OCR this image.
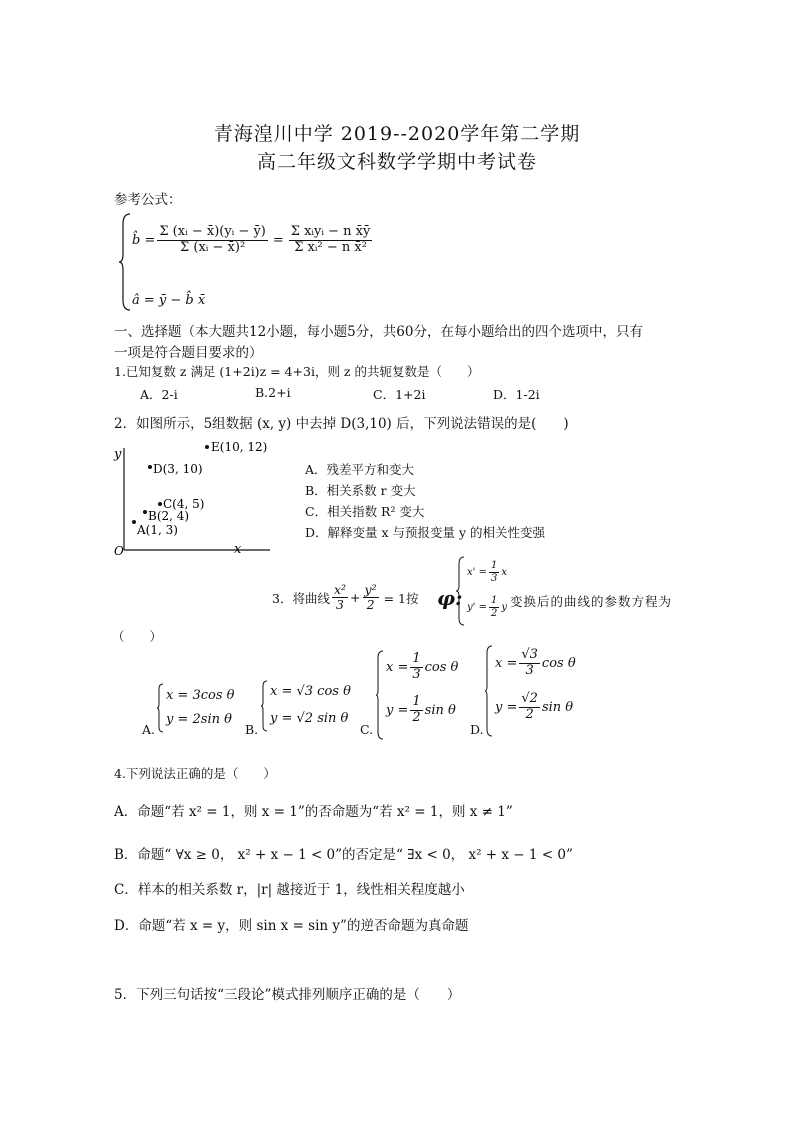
青海湟川中学 2019--2020学年第二学期
高二年级文科数学学期中考试卷
参考公式：
b̂ = $\frac{\text{Σ (xᵢ − x̄)(yᵢ − ȳ)}}{\text{Σ (xᵢ − x̄)²}} = \frac{\text{Σ xᵢyᵢ − n x̄ȳ}}{\text{Σ xᵢ² − n x̄²}}$
â = ȳ − b̂ x̄
一、选择题（本大题共12小题，每小题5分，共60分，在每小题给出的四个选项中，只有
一项是符合题目要求的）
1.已知复数 z 满足 (1+2i)z = 4+3i，则 z 的共轭复数是（　　）
A．2-i	B.2+i	C．1+2i	D．1-2i
2．如图所示，5组数据 (x, y) 中去掉 D(3,10) 后，下列说法错误的是(　　)
y
x
O
E(10, 12)
D(3, 10)
C(4, 5)
B(2, 4)
A(1, 3)
A．残差平方和变大
B．相关系数 r 变大
C．相关指数 R² 变大
D．解释变量 x 与预报变量 y 的相关性变强
3．将曲线 $\frac{\text{x²}}{3} + \frac{\text{y²}}{2} = 1$按 φ:
$x' = \frac{1}{3}$ x
$y' = \frac{1}{2}$ y 变换后的曲线的参数方程为
（　　）
A.
x = 3cos θ
y = 2sin θ
B.
x = √3 cos θ
y = √2 sin θ
C.
$x = \frac{1}{3}$ cos θ
$y = \frac{1}{2}$ sin θ
D.
$x = \frac{√3}{3}$ cos θ
$y = \frac{√2}{2}$ sin θ
4.下列说法正确的是（　　）
A．命题“若 x² = 1，则 x = 1”的否命题为“若 x² = 1，则 x ≠ 1”
B．命题“ ∀x ≥ 0， x² + x − 1 < 0”的否定是“ ∃x < 0， x² + x − 1 < 0”
C．样本的相关系数 r，|r| 越接近于 1，线性相关程度越小
D．命题“若 x = y，则 sin x = sin y”的逆否命题为真命题
5．下列三句话按“三段论”模式排列顺序正确的是（　　）
